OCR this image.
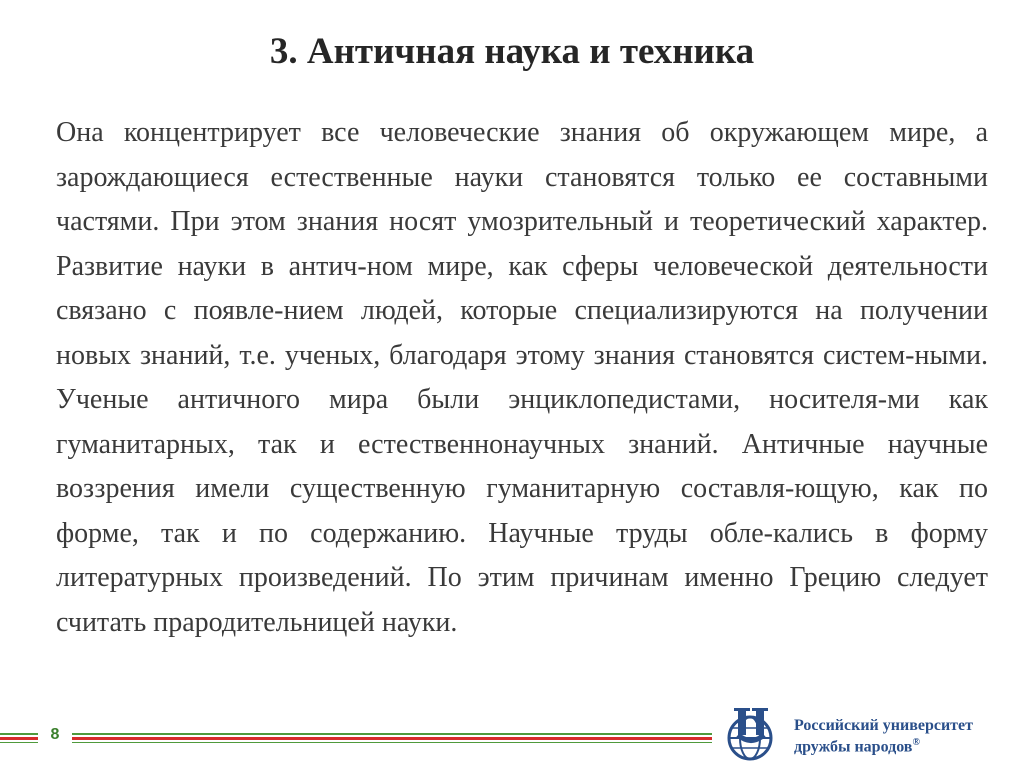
3. Античная наука и техника

Она концентрирует все человеческие знания об окружающем мире, а зарождающиеся естественные науки становятся только ее составными частями. При этом знания носят умозрительный и теоретический характер. Развитие науки в антич-ном мире, как сферы человеческой деятельности связано с появле-нием людей, которые специализируются на получении новых знаний, т.е. ученых, благодаря этому знания становятся систем-ными. Ученые античного мира были энциклопедистами, носителя-ми как гуманитарных, так и естественнонаучных знаний. Античные научные воззрения имели существенную гуманитарную составля-ющую, как по форме, так и по содержанию. Научные труды обле-кались в форму литературных произведений. По этим причинам именно Грецию следует считать прародительницей науки.

8
Российский университет
дружбы народов®
